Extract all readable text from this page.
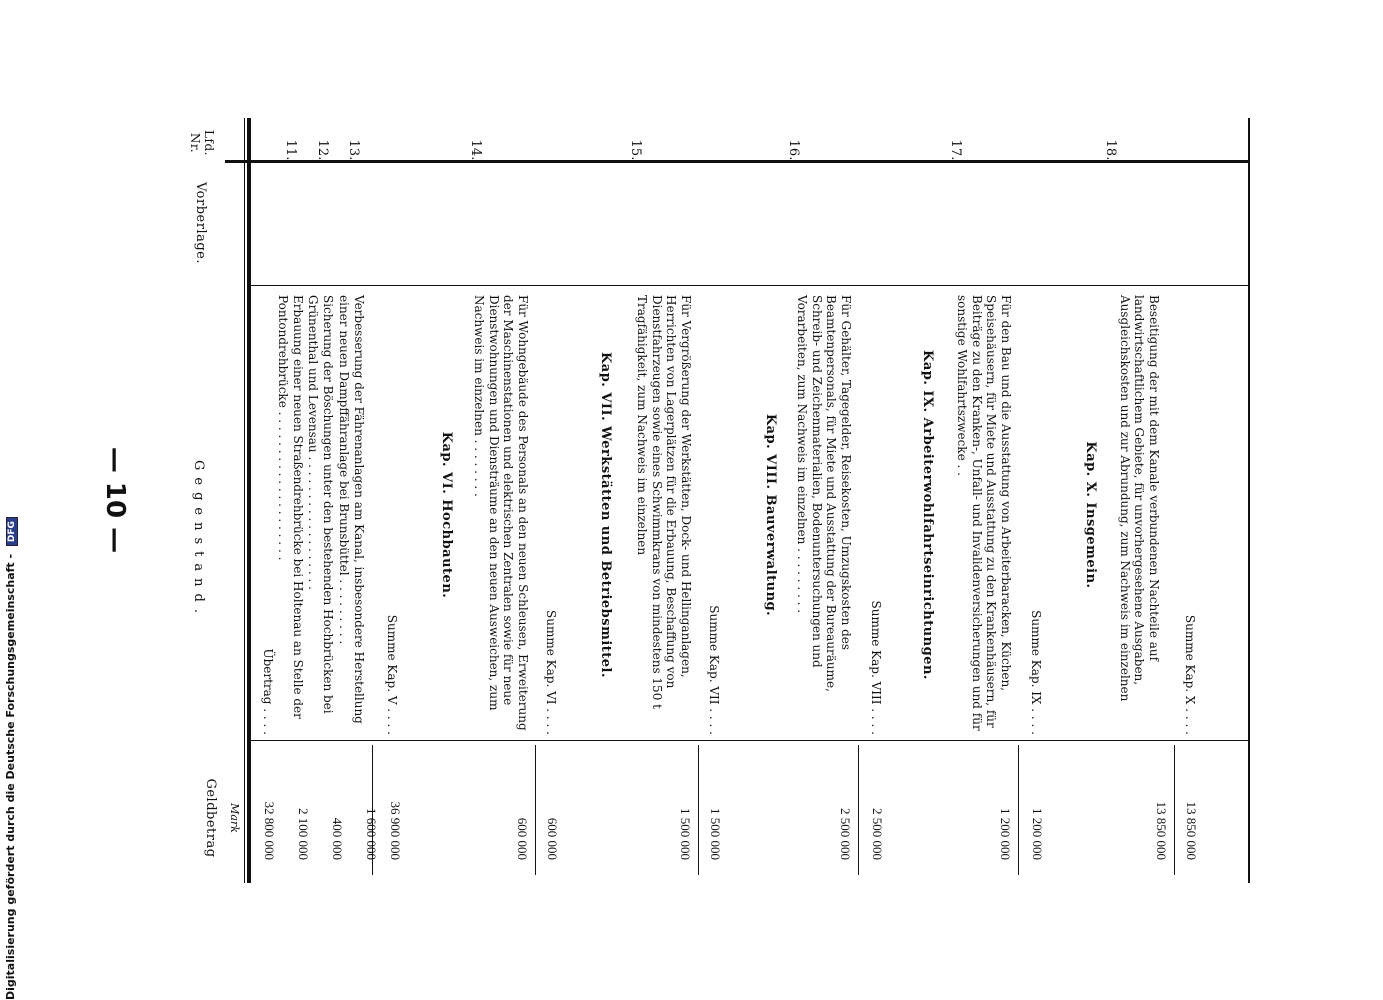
— 10 —
Lfd. Nr.
Vorberlage.
Gegenstand.
Geldbetrag Mark
Übertrag . . . .
32 800 000
11.
Erbauung einer neuen Straßendrehbrücke bei Holtenau an Stelle der Pontondrehbrücke . . . . . . . . . . . . . . . . . . . .
2 100 000
12.
Sicherung der Böschungen unter den bestehenden Hochbrücken bei Grünenthal und Levensau . . . . . . . . . . . . . . . . . .
400 000
13.
Verbesserung der Fährenanlagen am Kanal, insbesondere Herstellung einer neuen Dampffähranlage bei Brunsbüttel . . . . . . . . .
1 600 000
Summe Kap. V . . . .
36 900 000
Kap. VI. Hochbauten.
14.
Für Wohngebäude des Personals an den neuen Schleusen, Erweiterung der Maschinenstationen und elektrischen Zentralen sowie für neue Dienstwohnungen und Diensträume an den neuen Ausweichen, zum Nachweis im einzelnen . . . . . . . .
600 000
Summe Kap. VI . . . .
600 000
Kap. VII. Werkstätten und Betriebsmittel.
15.
Für Vergrößerung der Werkstätten, Dock- und Hellinganlagen, Herrichten von Lagerplätzen für die Erbauung, Beschaffung von Dienstfahrzeugen sowie eines Schwimmkrans von mindestens 150 t Tragfähigkeit, zum Nachweis im einzelnen
1 500 000
Summe Kap. VII . . . .
1 500 000
Kap. VIII. Bauverwaltung.
16.
Für Gehälter, Tagegelder, Reisekosten, Umzugskosten des Beamtenpersonals, für Miete und Ausstattung der Bureauräume, Schreib- und Zeichenmaterialien, Bodenuntersuchungen und Vorarbeiten, zum Nachweis im einzelnen . . . . . . . . .
2 500 000
Summe Kap. VIII . . . .
2 500 000
Kap. IX. Arbeiterwohlfahrtseinrichtungen.
17.
Für den Bau und die Ausstattung von Arbeiterbaracken, Küchen, Speisehäusern, für Miete und Ausstattung zu den Krankenhäusern, für Beiträge zu den Kranken-, Unfall- und Invalidenversicherungen und für sonstige Wohlfahrtszwecke . .
1 200 000
Summe Kap. IX . . . .
1 200 000
Kap. X. Insgemein.
18.
Beseitigung der mit dem Kanale verbundenen Nachteile auf landwirtschaftlichem Gebiete, für unvorhergesehene Ausgaben, Ausgleichskosten und zur Abrundung, zum Nachweis im einzelnen
13 850 000
Summe Kap. X . . . .
13 850 000
Digitalisierung gefördert durch die Deutsche Forschungsgemeinschaft - DFG
